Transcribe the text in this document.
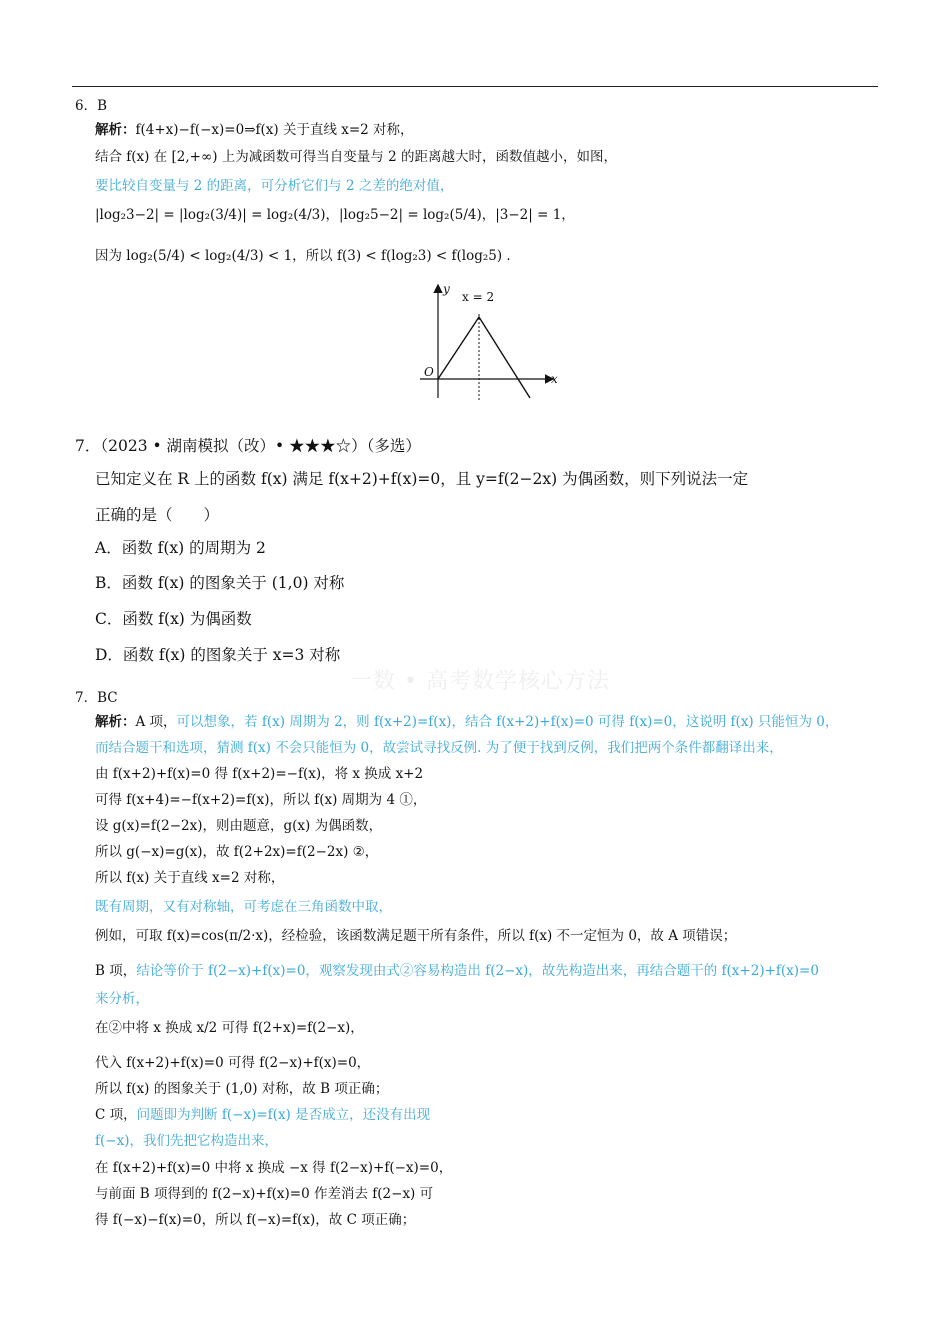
一数 • 高考数学核心方法
6．B
解析：f(4+x)−f(−x)=0⇒f(x) 关于直线 x=2 对称，
结合 f(x) 在 [2,+∞) 上为减函数可得当自变量与 2 的距离越大时，函数值越小，如图，
要比较自变量与 2 的距离，可分析它们与 2 之差的绝对值，
|log₂3−2| = |log₂(3/4)| = log₂(4/3)，|log₂5−2| = log₂(5/4)，|3−2| = 1，
因为 log₂(5/4) < log₂(4/3) < 1，所以 f(3) < f(log₂3) < f(log₂5) .
y
x = 2
O	x
7．（2023 • 湖南模拟（改）• ★★★☆）（多选）
已知定义在 R 上的函数 f(x) 满足 f(x+2)+f(x)=0，且 y=f(2−2x) 为偶函数，则下列说法一定
正确的是（　　）
A．函数 f(x) 的周期为 2
B．函数 f(x) 的图象关于 (1,0) 对称
C．函数 f(x) 为偶函数
D．函数 f(x) 的图象关于 x=3 对称
7．BC
解析：A 项，可以想象，若 f(x) 周期为 2，则 f(x+2)=f(x)，结合 f(x+2)+f(x)=0 可得 f(x)=0，这说明 f(x) 只能恒为 0，
而结合题干和选项，猜测 f(x) 不会只能恒为 0，故尝试寻找反例. 为了便于找到反例，我们把两个条件都翻译出来，
由 f(x+2)+f(x)=0 得 f(x+2)=−f(x)，将 x 换成 x+2
可得 f(x+4)=−f(x+2)=f(x)，所以 f(x) 周期为 4 ①，
设 g(x)=f(2−2x)，则由题意，g(x) 为偶函数，
所以 g(−x)=g(x)，故 f(2+2x)=f(2−2x) ②，
所以 f(x) 关于直线 x=2 对称，
既有周期，又有对称轴，可考虑在三角函数中取，
例如，可取 f(x)=cos(π/2·x)，经检验，该函数满足题干所有条件，所以 f(x) 不一定恒为 0，故 A 项错误；
B 项，结论等价于 f(2−x)+f(x)=0，观察发现由式②容易构造出 f(2−x)，故先构造出来，再结合题干的 f(x+2)+f(x)=0
来分析，
在②中将 x 换成 x/2 可得 f(2+x)=f(2−x)，
代入 f(x+2)+f(x)=0 可得 f(2−x)+f(x)=0，
所以 f(x) 的图象关于 (1,0) 对称，故 B 项正确；
C 项，问题即为判断 f(−x)=f(x) 是否成立，还没有出现
f(−x)，我们先把它构造出来，
在 f(x+2)+f(x)=0 中将 x 换成 −x 得 f(2−x)+f(−x)=0，
与前面 B 项得到的 f(2−x)+f(x)=0 作差消去 f(2−x) 可
得 f(−x)−f(x)=0，所以 f(−x)=f(x)，故 C 项正确；
